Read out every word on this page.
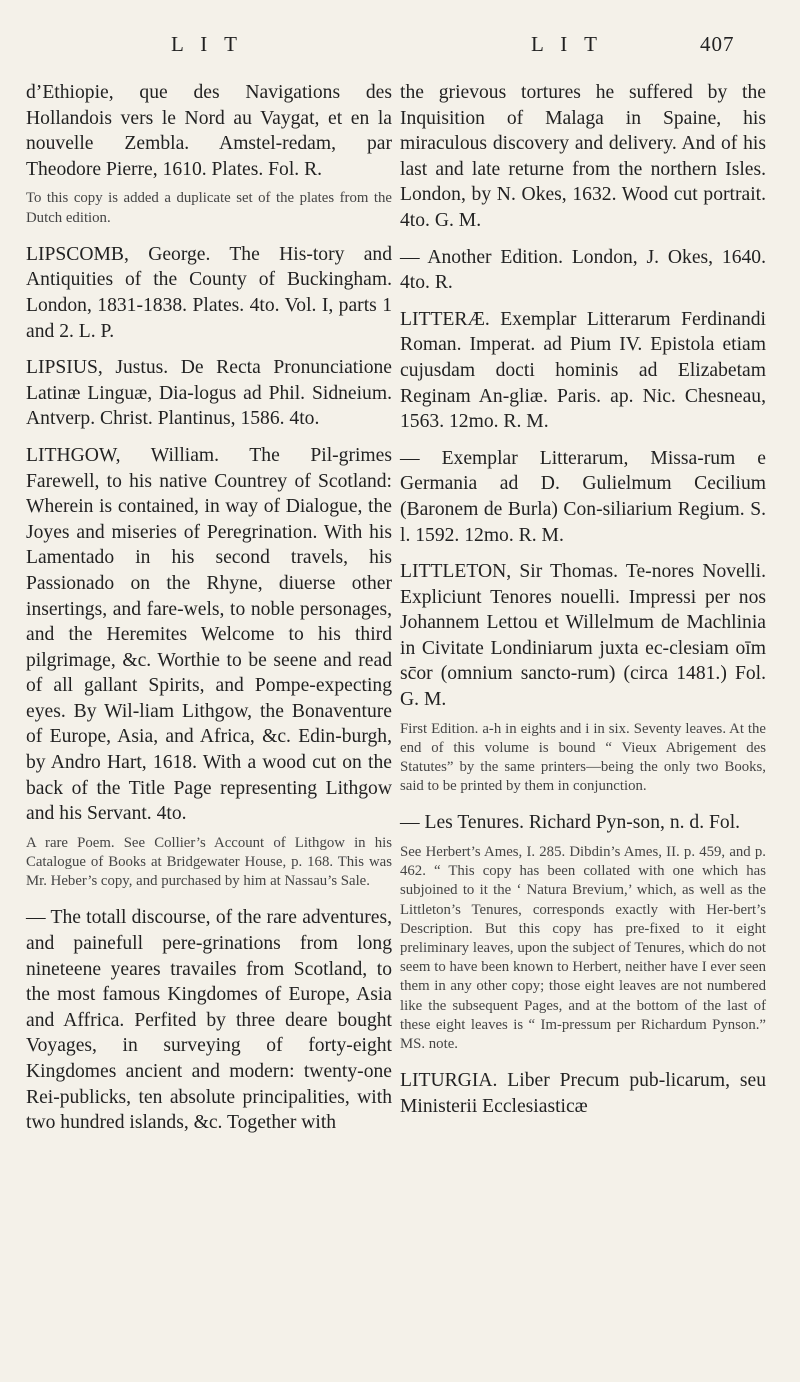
L I T	L I T	407

d’Ethiopie, que des Navigations des Hollandois vers le Nord au Vaygat, et en la nouvelle Zembla. Amstel-redam, par Theodore Pierre, 1610. Plates. Fol. R.

To this copy is added a duplicate set of the plates from the Dutch edition.

LIPSCOMB, George. The His-tory and Antiquities of the County of Buckingham. London, 1831-1838. Plates. 4to. Vol. I, parts 1 and 2. L. P.

LIPSIUS, Justus. De Recta Pronunciatione Latinæ Linguæ, Dia-logus ad Phil. Sidneium. Antverp. Christ. Plantinus, 1586. 4to.

LITHGOW, William. The Pil-grimes Farewell, to his native Countrey of Scotland: Wherein is contained, in way of Dialogue, the Joyes and miseries of Peregrination. With his Lamentado in his second travels, his Passionado on the Rhyne, diuerse other insertings, and fare-wels, to noble personages, and the Heremites Welcome to his third pilgrimage, &c. Worthie to be seene and read of all gallant Spirits, and Pompe-expecting eyes. By Wil-liam Lithgow, the Bonaventure of Europe, Asia, and Africa, &c. Edin-burgh, by Andro Hart, 1618. With a wood cut on the back of the Title Page representing Lithgow and his Servant. 4to.

A rare Poem. See Collier’s Account of Lithgow in his Catalogue of Books at Bridgewater House, p. 168. This was Mr. Heber’s copy, and purchased by him at Nassau’s Sale.

— The totall discourse, of the rare adventures, and painefull pere-grinations from long nineteene yeares travailes from Scotland, to the most famous Kingdomes of Europe, Asia and Affrica. Perfited by three deare bought Voyages, in surveying of forty-eight Kingdomes ancient and modern: twenty-one Rei-publicks, ten absolute principalities, with two hundred islands, &c. Together with

the grievous tortures he suffered by the Inquisition of Malaga in Spaine, his miraculous discovery and delivery. And of his last and late returne from the northern Isles. London, by N. Okes, 1632. Wood cut portrait. 4to. G. M.

— Another Edition. London, J. Okes, 1640. 4to. R.

LITTERÆ. Exemplar Litterarum Ferdinandi Roman. Imperat. ad Pium IV. Epistola etiam cujusdam docti hominis ad Elizabetam Reginam An-gliæ. Paris. ap. Nic. Chesneau, 1563. 12mo. R. M.

— Exemplar Litterarum, Missa-rum e Germania ad D. Gulielmum Cecilium (Baronem de Burla) Con-siliarium Regium. S. l. 1592. 12mo. R. M.

LITTLETON, Sir Thomas. Te-nores Novelli. Expliciunt Tenores nouelli. Impressi per nos Johannem Lettou et Willelmum de Machlinia in Civitate Londiniarum juxta ec-clesiam oīm sc̄or (omnium sancto-rum) (circa 1481.) Fol. G. M.

First Edition. a-h in eights and i in six. Seventy leaves. At the end of this volume is bound “ Vieux Abrigement des Statutes” by the same printers—being the only two Books, said to be printed by them in conjunction.

— Les Tenures. Richard Pyn-son, n. d. Fol.

See Herbert’s Ames, I. 285. Dibdin’s Ames, II. p. 459, and p. 462. “ This copy has been collated with one which has subjoined to it the ‘ Natura Brevium,’ which, as well as the Littleton’s Tenures, corresponds exactly with Her-bert’s Description. But this copy has pre-fixed to it eight preliminary leaves, upon the subject of Tenures, which do not seem to have been known to Herbert, neither have I ever seen them in any other copy; those eight leaves are not numbered like the subsequent Pages, and at the bottom of the last of these eight leaves is “ Im-pressum per Richardum Pynson.” MS. note.

LITURGIA. Liber Precum pub-licarum, seu Ministerii Ecclesiasticæ
